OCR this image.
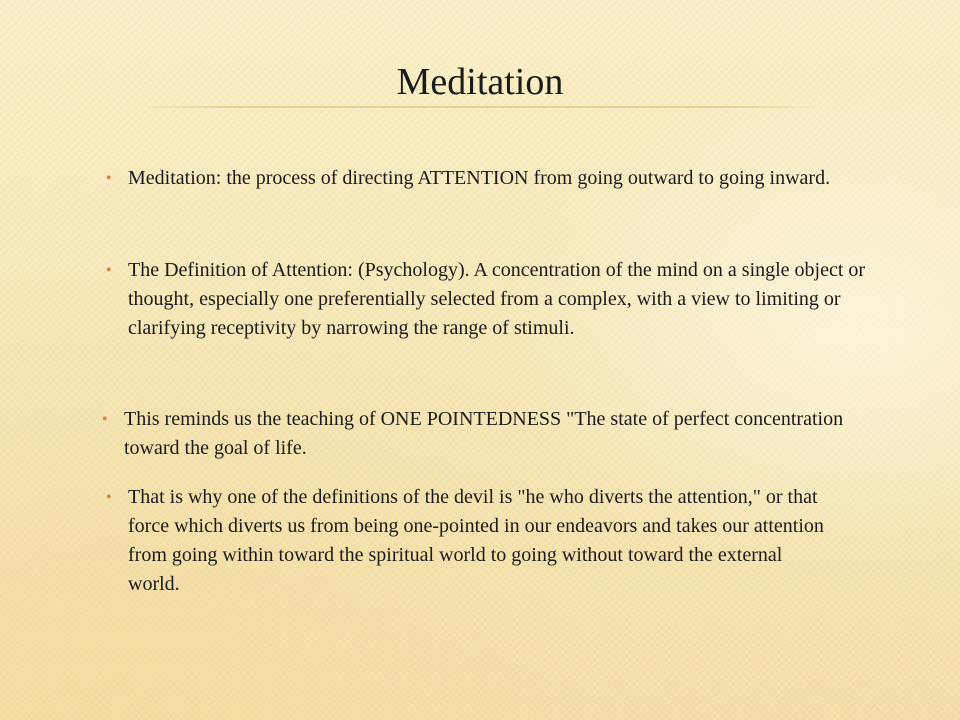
Meditation
• Meditation: the process of directing ATTENTION from going outward to going inward.
• The Definition of Attention: (Psychology). A concentration of the mind on a single object or thought, especially one preferentially selected from a complex, with a view to limiting or clarifying receptivity by narrowing the range of stimuli.
• This reminds us the teaching of ONE POINTEDNESS "The state of perfect concentration toward the goal of life.
• That is why one of the definitions of the devil is "he who diverts the attention," or that force which diverts us from being one-pointed in our endeavors and takes our attention from going within toward the spiritual world to going without toward the external world.
